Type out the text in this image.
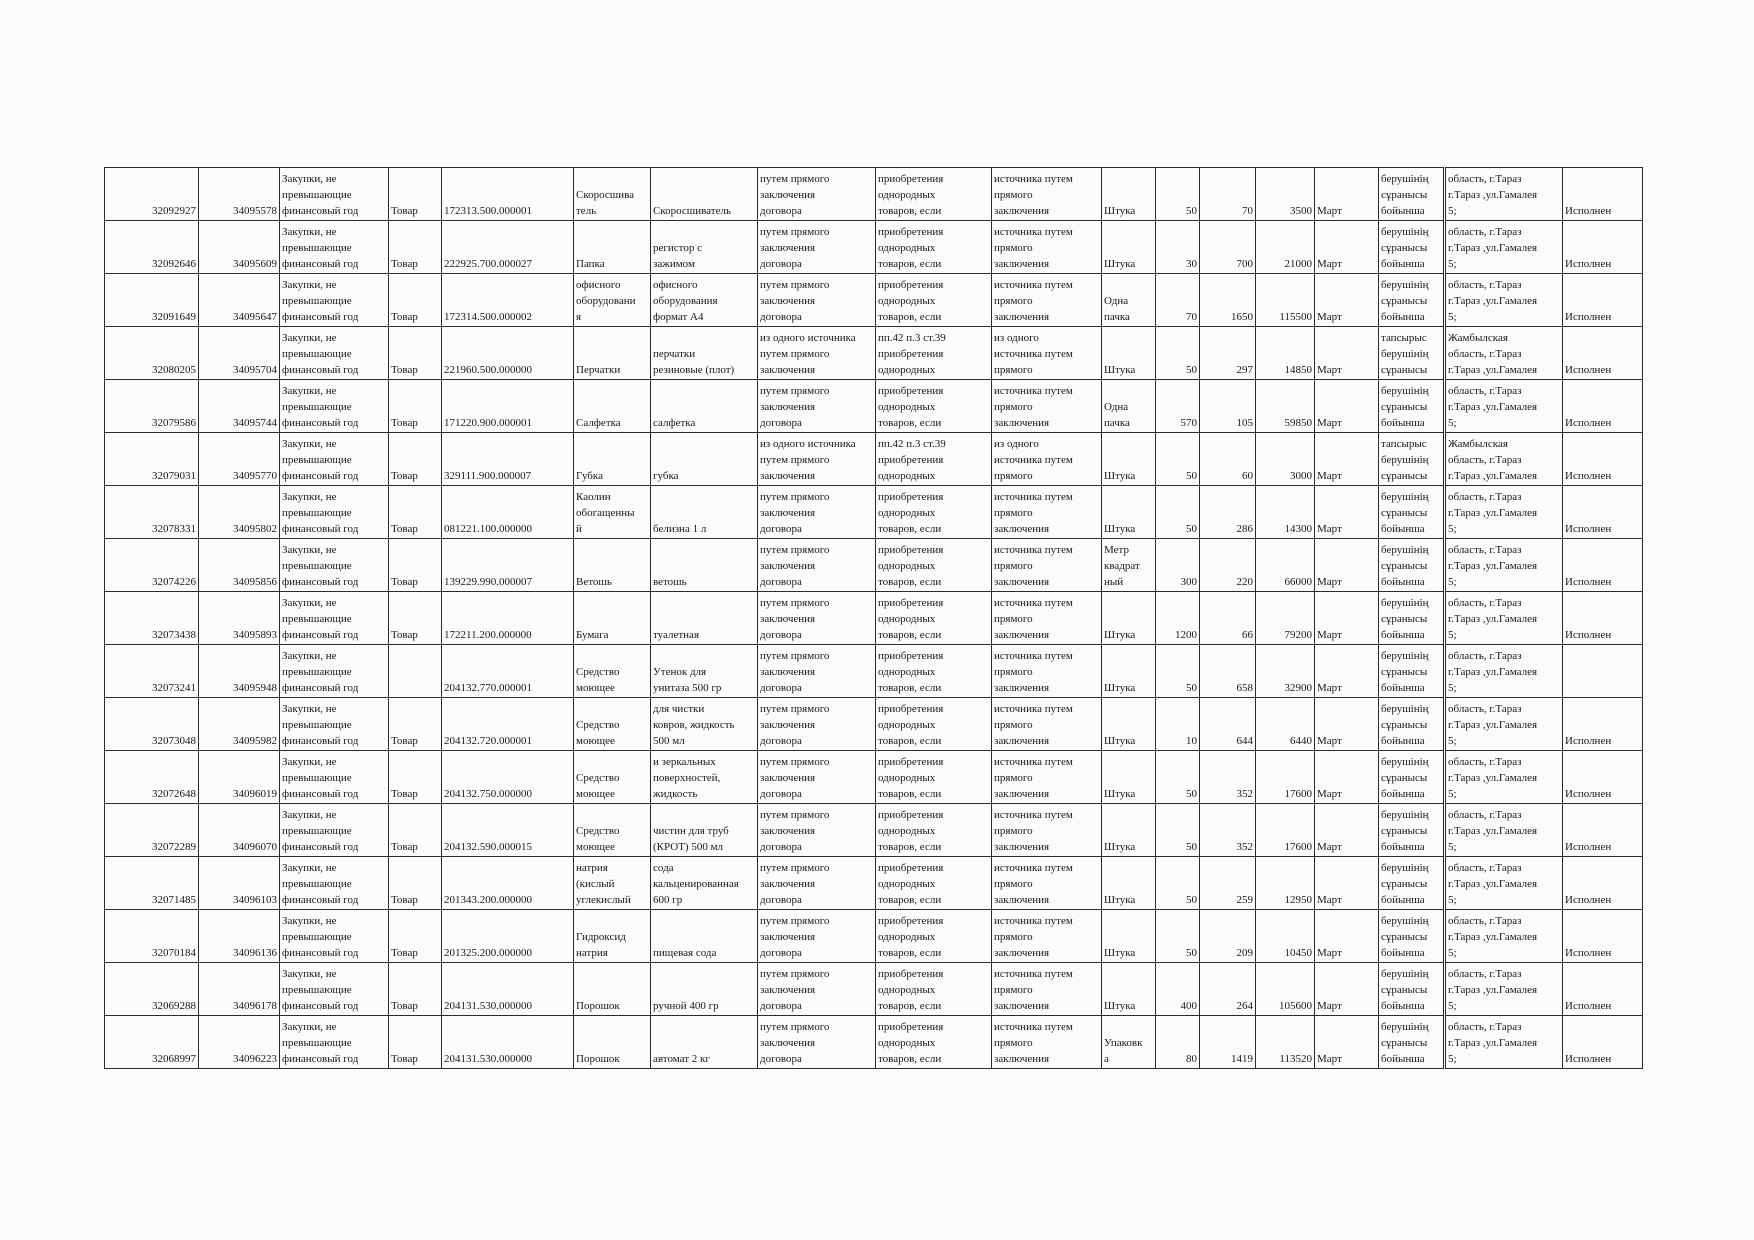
32092927	34095578	Закупки, не
превышающие
финансовый год	Товар	172313.500.000001	Скоросшива
тель	Скоросшиватель	путем прямого
заключения
договора	приобретения
однородных
товаров, если	источника путем
прямого
заключения	Штука	50	70	3500	Март	берушінің
сұранысы
бойынша	область, г.Тараз
г.Тараз ,ул.Гамалея
5;	Исполнен

32092646	34095609	Закупки, не
превышающие
финансовый год	Товар	222925.700.000027	Папка	регистор с
зажимом	путем прямого
заключения
договора	приобретения
однородных
товаров, если	источника путем
прямого
заключения	Штука	30	700	21000	Март	берушінің
сұранысы
бойынша	область, г.Тараз
г.Тараз ,ул.Гамалея
5;	Исполнен

32091649	34095647	Закупки, не
превышающие
финансовый год	Товар	172314.500.000002	офисного
оборудовани
я	офисного
оборудования
формат А4	путем прямого
заключения
договора	приобретения
однородных
товаров, если	источника путем
прямого
заключения	Одна
пачка	70	1650	115500	Март	берушінің
сұранысы
бойынша	область, г.Тараз
г.Тараз ,ул.Гамалея
5;	Исполнен

32080205	34095704	Закупки, не
превышающие
финансовый год	Товар	221960.500.000000	Перчатки	перчатки
резиновые (плот)	из одного источника
путем прямого
заключения	пп.42 п.3 ст.39
приобретения
однородных	из одного
источника путем
прямого	Штука	50	297	14850	Март	тапсырыс
берушінің
сұранысы	Жамбылская
область, г.Тараз
г.Тараз ,ул.Гамалея	Исполнен

32079586	34095744	Закупки, не
превышающие
финансовый год	Товар	171220.900.000001	Салфетка	салфетка	путем прямого
заключения
договора	приобретения
однородных
товаров, если	источника путем
прямого
заключения	Одна
пачка	570	105	59850	Март	берушінің
сұранысы
бойынша	область, г.Тараз
г.Тараз ,ул.Гамалея
5;	Исполнен

32079031	34095770	Закупки, не
превышающие
финансовый год	Товар	329111.900.000007	Губка	губка	из одного источника
путем прямого
заключения	пп.42 п.3 ст.39
приобретения
однородных	из одного
источника путем
прямого	Штука	50	60	3000	Март	тапсырыс
берушінің
сұранысы	Жамбылская
область, г.Тараз
г.Тараз ,ул.Гамалея	Исполнен

32078331	34095802	Закупки, не
превышающие
финансовый год	Товар	081221.100.000000	Каолин
обогащенны
й	белизна 1 л	путем прямого
заключения
договора	приобретения
однородных
товаров, если	источника путем
прямого
заключения	Штука	50	286	14300	Март	берушінің
сұранысы
бойынша	область, г.Тараз
г.Тараз ,ул.Гамалея
5;	Исполнен

32074226	34095856	Закупки, не
превышающие
финансовый год	Товар	139229.990.000007	Ветошь	ветошь	путем прямого
заключения
договора	приобретения
однородных
товаров, если	источника путем
прямого
заключения	Метр
квадрат
ный	300	220	66000	Март	берушінің
сұранысы
бойынша	область, г.Тараз
г.Тараз ,ул.Гамалея
5;	Исполнен

32073438	34095893	Закупки, не
превышающие
финансовый год	Товар	172211.200.000000	Бумага	туалетная	путем прямого
заключения
договора	приобретения
однородных
товаров, если	источника путем
прямого
заключения	Штука	1200	66	79200	Март	берушінің
сұранысы
бойынша	область, г.Тараз
г.Тараз ,ул.Гамалея
5;	Исполнен

32073241	34095948	Закупки, не
превышающие
финансовый год		204132.770.000001	Средство
моющее	Утенок для
унитаза 500 гр	путем прямого
заключения
договора	приобретения
однородных
товаров, если	источника путем
прямого
заключения	Штука	50	658	32900	Март	берушінің
сұранысы
бойынша	область, г.Тараз
г.Тараз ,ул.Гамалея
5;	

32073048	34095982	Закупки, не
превышающие
финансовый год	Товар	204132.720.000001	Средство
моющее	для чистки
ковров, жидкость
500 мл	путем прямого
заключения
договора	приобретения
однородных
товаров, если	источника путем
прямого
заключения	Штука	10	644	6440	Март	берушінің
сұранысы
бойынша	область, г.Тараз
г.Тараз ,ул.Гамалея
5;	Исполнен

32072648	34096019	Закупки, не
превышающие
финансовый год	Товар	204132.750.000000	Средство
моющее	и зеркальных
поверхностей,
жидкость	путем прямого
заключения
договора	приобретения
однородных
товаров, если	источника путем
прямого
заключения	Штука	50	352	17600	Март	берушінің
сұранысы
бойынша	область, г.Тараз
г.Тараз ,ул.Гамалея
5;	Исполнен

32072289	34096070	Закупки, не
превышающие
финансовый год	Товар	204132.590.000015	Средство
моющее	чистин для труб
(КРОТ) 500 мл	путем прямого
заключения
договора	приобретения
однородных
товаров, если	источника путем
прямого
заключения	Штука	50	352	17600	Март	берушінің
сұранысы
бойынша	область, г.Тараз
г.Тараз ,ул.Гамалея
5;	Исполнен

32071485	34096103	Закупки, не
превышающие
финансовый год	Товар	201343.200.000000	натрия
(кислый
углекислый	сода
кальценированная
600 гр	путем прямого
заключения
договора	приобретения
однородных
товаров, если	источника путем
прямого
заключения	Штука	50	259	12950	Март	берушінің
сұранысы
бойынша	область, г.Тараз
г.Тараз ,ул.Гамалея
5;	Исполнен

32070184	34096136	Закупки, не
превышающие
финансовый год	Товар	201325.200.000000	Гидроксид
натрия	пищевая сода	путем прямого
заключения
договора	приобретения
однородных
товаров, если	источника путем
прямого
заключения	Штука	50	209	10450	Март	берушінің
сұранысы
бойынша	область, г.Тараз
г.Тараз ,ул.Гамалея
5;	Исполнен

32069288	34096178	Закупки, не
превышающие
финансовый год	Товар	204131.530.000000	Порошок	ручной 400 гр	путем прямого
заключения
договора	приобретения
однородных
товаров, если	источника путем
прямого
заключения	Штука	400	264	105600	Март	берушінің
сұранысы
бойынша	область, г.Тараз
г.Тараз ,ул.Гамалея
5;	Исполнен

32068997	34096223	Закупки, не
превышающие
финансовый год	Товар	204131.530.000000	Порошок	автомат 2 кг	путем прямого
заключения
договора	приобретения
однородных
товаров, если	источника путем
прямого
заключения	Упаковк
а	80	1419	113520	Март	берушінің
сұранысы
бойынша	область, г.Тараз
г.Тараз ,ул.Гамалея
5;	Исполнен
